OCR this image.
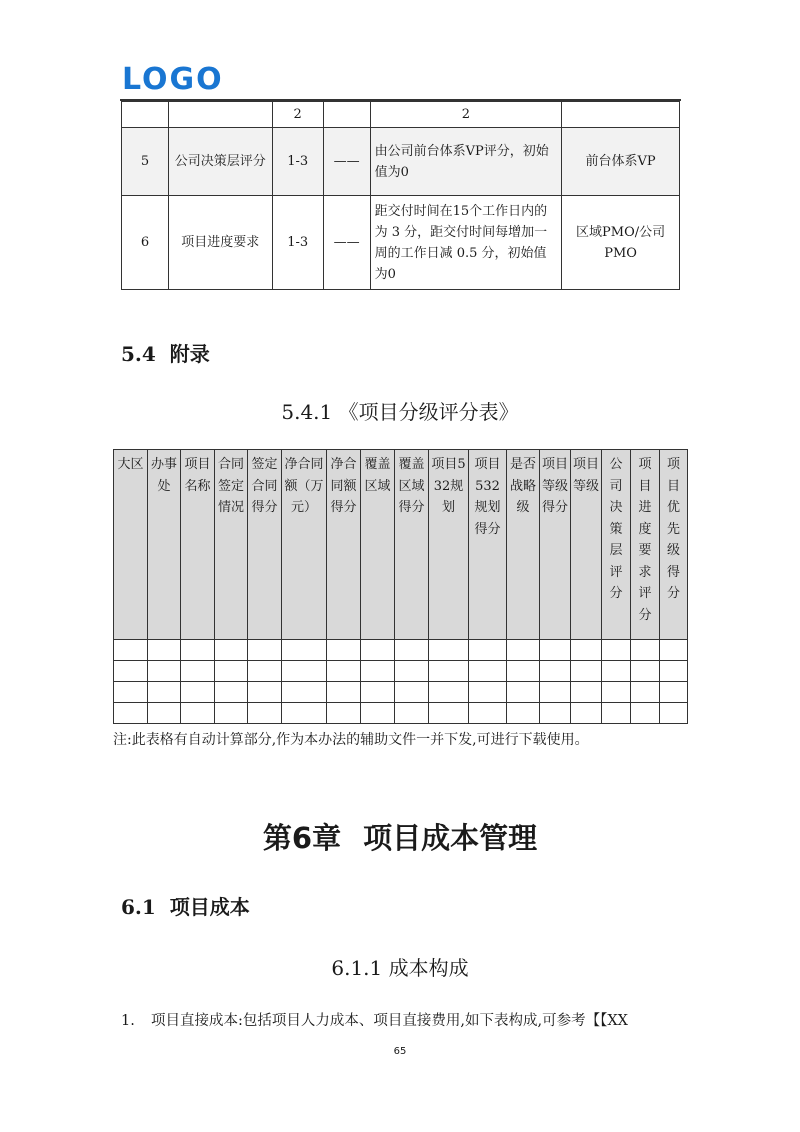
LOGO
		2		2	
5	公司决策层评分	1-3	——	由公司前台体系VP评分，初始值为0	前台体系VP
6	项目进度要求	1-3	——	距交付时间在15个工作日内的为 3 分，距交付时间每增加一周的工作日减 0.5 分，初始值为0	区域PMO/公司PMO
5.4 附录
5.4.1 《项目分级评分表》
大区	办事处	项目名称	合同签定情况	签定合同得分	净合同额（万元）	净合同额得分	覆盖区域	覆盖区域得分	项目532规划	项目532规划得分	是否战略级	项目等级得分	项目等级	公司决策层评分	项目进度要求评分	项目优先级得分

注:此表格有自动计算部分,作为本办法的辅助文件一并下发,可进行下载使用。
第6章 项目成本管理
6.1 项目成本
6.1.1 成本构成
1. 项目直接成本:包括项目人力成本、项目直接费用,如下表构成,可参考【【XX
65
